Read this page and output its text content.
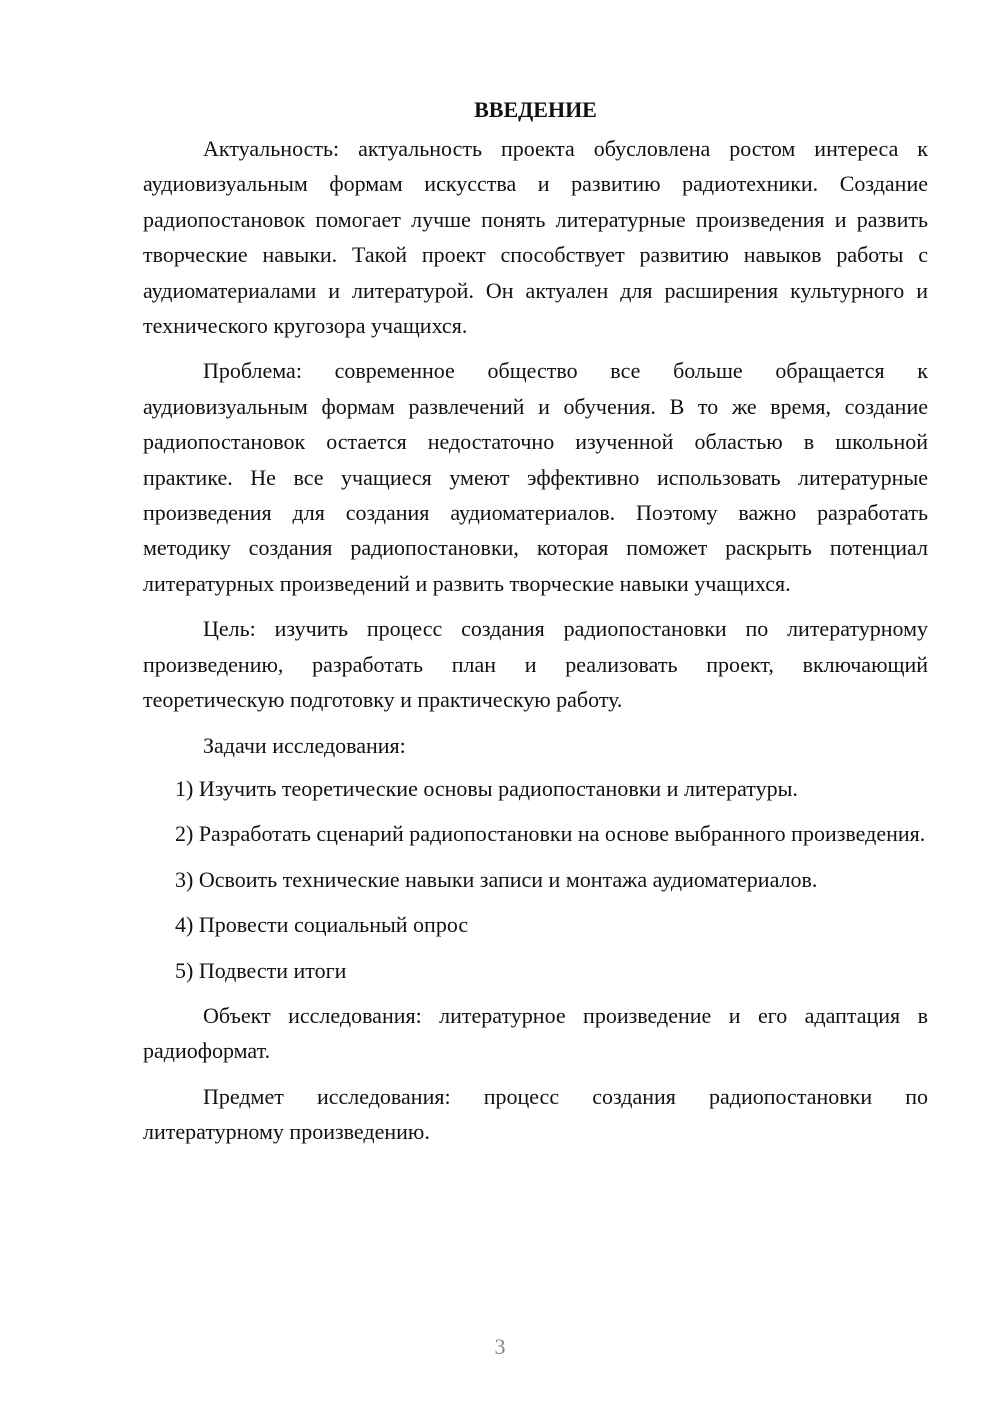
ВВЕДЕНИЕ

Актуальность: актуальность проекта обусловлена ростом интереса к аудиовизуальным формам искусства и развитию радиотехники. Создание радиопостановок помогает лучше понять литературные произведения и развить творческие навыки. Такой проект способствует развитию навыков работы с аудиоматериалами и литературой. Он актуален для расширения культурного и технического кругозора учащихся.

Проблема: современное общество все больше обращается к аудиовизуальным формам развлечений и обучения. В то же время, создание радиопостановок остается недостаточно изученной областью в школьной практике. Не все учащиеся умеют эффективно использовать литературные произведения для создания аудиоматериалов. Поэтому важно разработать методику создания радиопостановки, которая поможет раскрыть потенциал литературных произведений и развить творческие навыки учащихся.

Цель: изучить процесс создания радиопостановки по литературному произведению, разработать план и реализовать проект, включающий теоретическую подготовку и практическую работу.

Задачи исследования:

1) Изучить теоретические основы радиопостановки и литературы.

2) Разработать сценарий радиопостановки на основе выбранного произведения.

3) Освоить технические навыки записи и монтажа аудиоматериалов.

4) Провести социальный опрос

5) Подвести итоги

Объект исследования: литературное произведение и его адаптация в радиоформат.

Предмет исследования: процесс создания радиопостановки по литературному произведению.

3
